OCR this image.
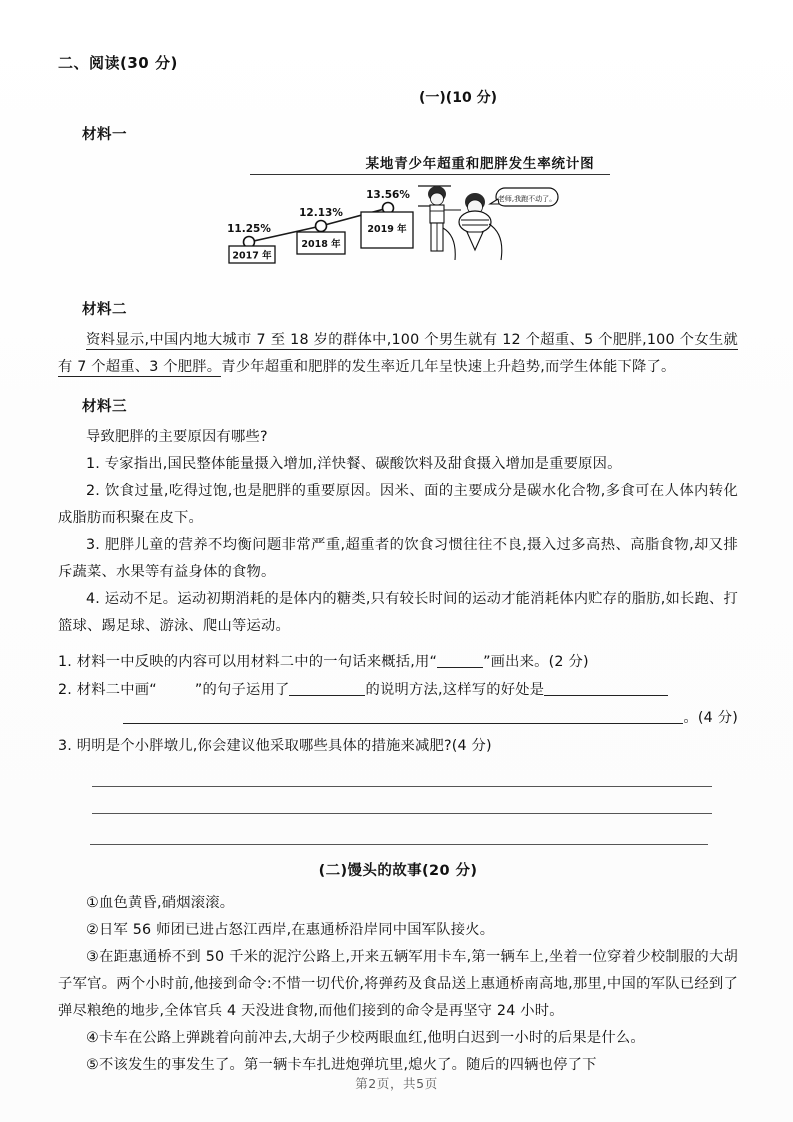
二、阅读(30 分)
(一)(10 分)
材料一
某地青少年超重和肥胖发生率统计图
11.25%
12.13%
13.56%
2017 年
2018 年
2019 年
老师,我跑不动了。
材料二

资料显示,中国内地大城市 7 至 18 岁的群体中,100 个男生就有 12 个超重、5 个肥胖,100 个女生就有 7 个超重、3 个肥胖。青少年超重和肥胖的发生率近几年呈快速上升趋势,而学生体能下降了。

材料三

导致肥胖的主要原因有哪些?

1. 专家指出,国民整体能量摄入增加,洋快餐、碳酸饮料及甜食摄入增加是重要原因。

2. 饮食过量,吃得过饱,也是肥胖的重要原因。因米、面的主要成分是碳水化合物,多食可在人体内转化成脂肪而积聚在皮下。

3. 肥胖儿童的营养不均衡问题非常严重,超重者的饮食习惯往往不良,摄入过多高热、高脂食物,却又排斥蔬菜、水果等有益身体的食物。

4. 运动不足。运动初期消耗的是体内的糖类,只有较长时间的运动才能消耗体内贮存的脂肪,如长跑、打篮球、踢足球、游泳、爬山等运动。

1. 材料一中反映的内容可以用材料二中的一句话来概括,用“	”画出来。(2 分)
2. 材料二中画“	”的句子运用了	的说明方法,这样写的好处是
。(4 分)
3. 明明是个小胖墩儿,你会建议他采取哪些具体的措施来减肥?(4 分)
(二)馒头的故事(20 分)

①血色黄昏,硝烟滚滚。

②日军 56 师团已进占怒江西岸,在惠通桥沿岸同中国军队接火。

③在距惠通桥不到 50 千米的泥泞公路上,开来五辆军用卡车,第一辆车上,坐着一位穿着少校制服的大胡子军官。两个小时前,他接到命令:不惜一切代价,将弹药及食品送上惠通桥南高地,那里,中国的军队已经到了弹尽粮绝的地步,全体官兵 4 天没进食物,而他们接到的命令是再坚守 24 小时。

④卡车在公路上弹跳着向前冲去,大胡子少校两眼血红,他明白迟到一小时的后果是什么。

⑤不该发生的事发生了。第一辆卡车扎进炮弹坑里,熄火了。随后的四辆也停了下

第2页，共5页
